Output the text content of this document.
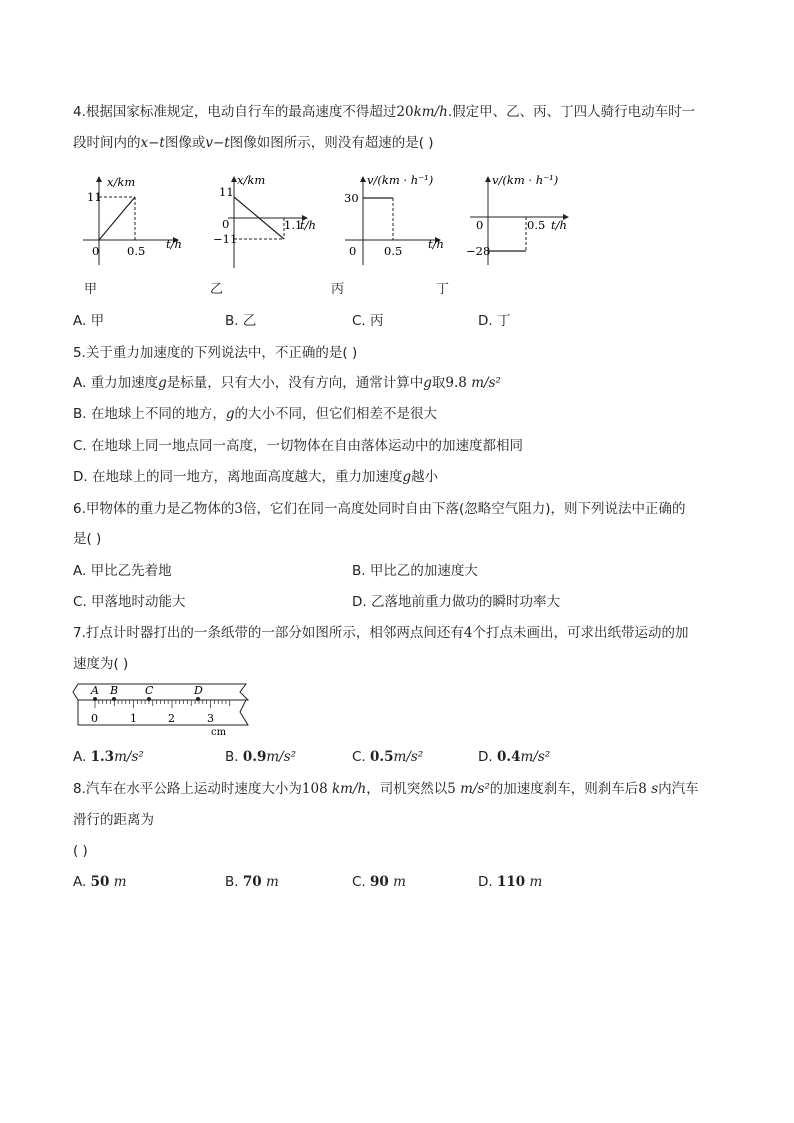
4.根据国家标准规定，电动自行车的最高速度不得超过20km/h.假定甲、乙、丙、丁四人骑行电动车时一
段时间内的x−t图像或v−t图像如图所示，则没有超速的是( )
x/km
11
0 0.5 t/h
x/km
11
0
−11
1.1
t/h
v/(km · h⁻¹)
30
0 0.5 t/h
v/(km · h⁻¹)
0	0.5 t/h
−28
甲	乙	丙	丁
A. 甲	B. 乙	C. 丙	D. 丁
5.关于重力加速度的下列说法中，不正确的是( )
A. 重力加速度g是标量，只有大小，没有方向，通常计算中g取9.8 m/s²
B. 在地球上不同的地方，g的大小不同，但它们相差不是很大
C. 在地球上同一地点同一高度，一切物体在自由落体运动中的加速度都相同
D. 在地球上的同一地方，离地面高度越大，重力加速度g越小
6.甲物体的重力是乙物体的3倍，它们在同一高度处同时自由下落(忽略空气阻力)，则下列说法中正确的
是( )
A. 甲比乙先着地	B. 甲比乙的加速度大
C. 甲落地时动能大	D. 乙落地前重力做功的瞬时功率大
7.打点计时器打出的一条纸带的一部分如图所示，相邻两点间还有4个打点未画出，可求出纸带运动的加
速度为( )
A B C	D
0	1	2	3
cm
A. 1.3m/s²	B. 0.9m/s²	C. 0.5m/s²	D. 0.4m/s²
8.汽车在水平公路上运动时速度大小为108 km/h，司机突然以5 m/s²的加速度刹车，则刹车后8 s内汽车
滑行的距离为
( )
A. 50 m	B. 70 m	C. 90 m	D. 110 m
